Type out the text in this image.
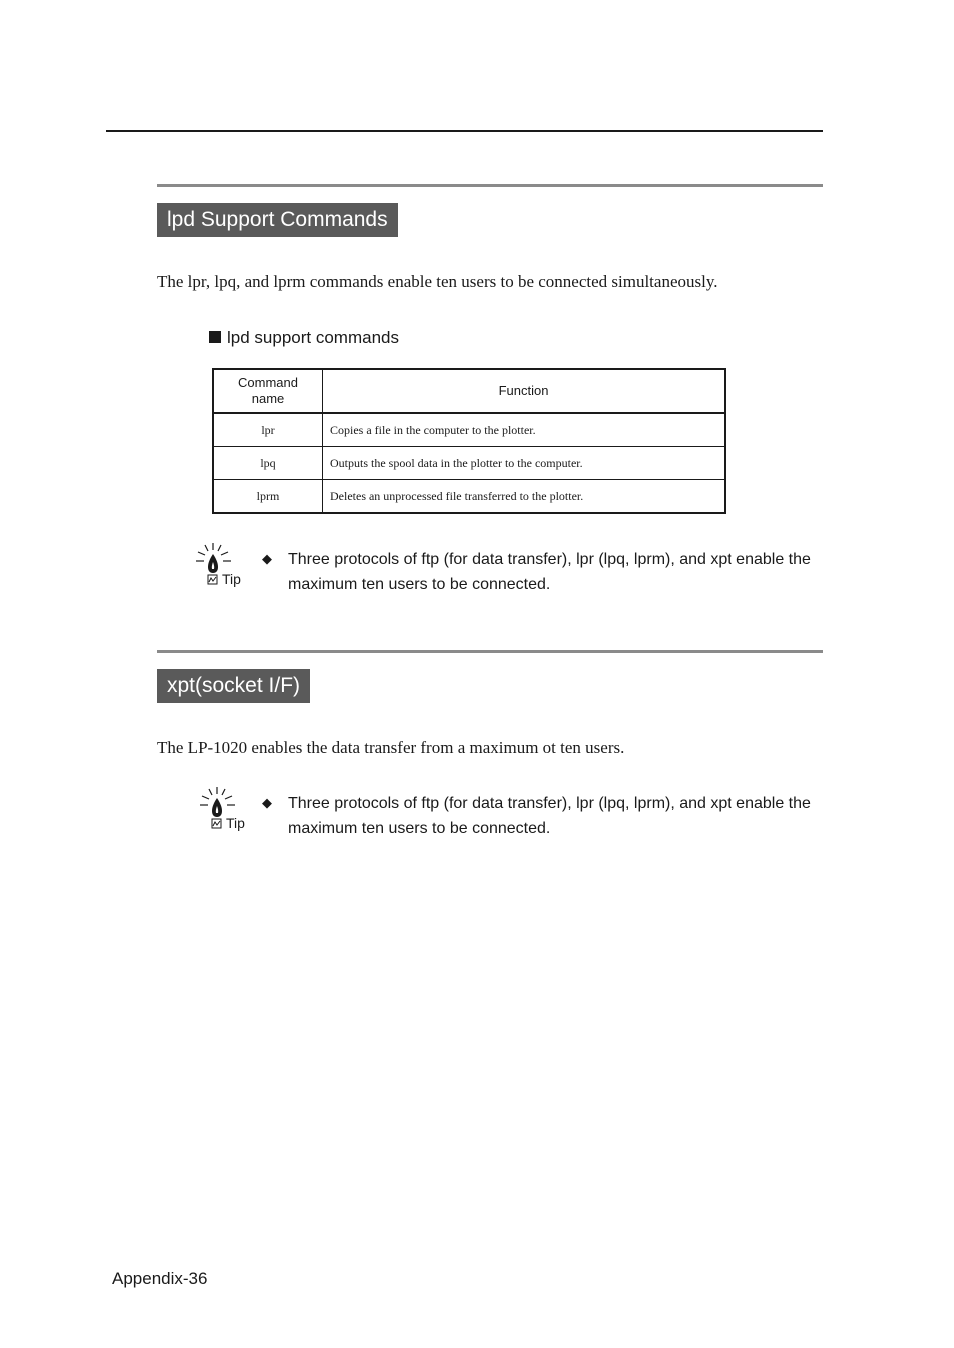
lpd Support Commands
The lpr, lpq, and lprm commands enable ten users to be connected simultaneously.
lpd support commands
Command
name	Function
lpr	Copies a file in the computer to the plotter.
lpq	Outputs the spool data in the plotter to the computer.
lprm	Deletes an unprocessed file transferred to the plotter.
Tip
◆ Three protocols of ftp (for data transfer), lpr (lpq, lprm), and xpt enable the maximum ten users to be connected.
xpt(socket I/F)
The LP-1020 enables the data transfer from a maximum ot ten users.
Tip
◆ Three protocols of ftp (for data transfer), lpr (lpq, lprm), and xpt enable the maximum ten users to be connected.
Appendix-36
